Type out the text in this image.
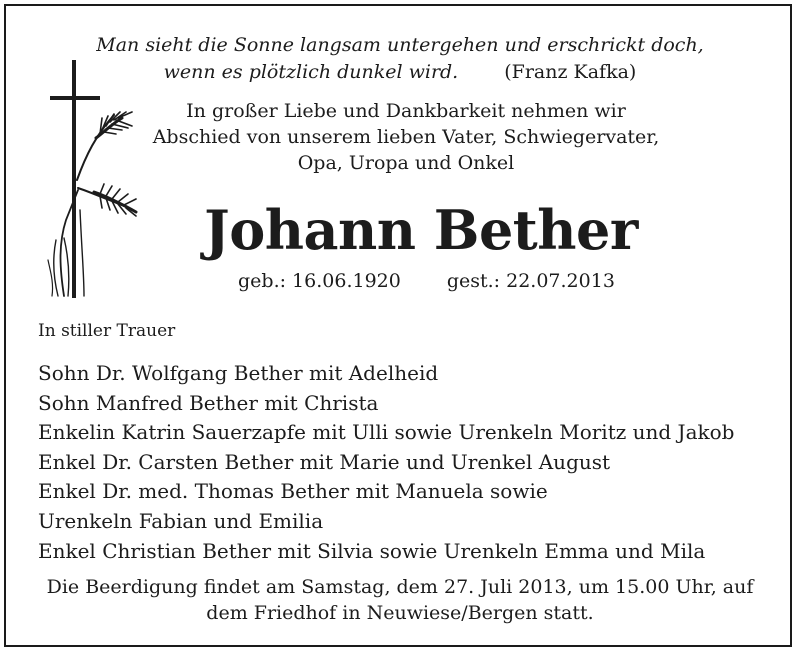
Man sieht die Sonne langsam untergehen und erschrickt doch,
wenn es plötzlich dunkel wird. (Franz Kafka)
In großer Liebe und Dankbarkeit nehmen wir
Abschied von unserem lieben Vater, Schwiegervater,
Opa, Uropa und Onkel
Johann Bether
geb.: 16.06.1920 gest.: 22.07.2013
In stiller Trauer
Sohn Dr. Wolfgang Bether mit Adelheid
Sohn Manfred Bether mit Christa
Enkelin Katrin Sauerzapfe mit Ulli sowie Urenkeln Moritz und Jakob
Enkel Dr. Carsten Bether mit Marie und Urenkel August
Enkel Dr. med. Thomas Bether mit Manuela sowie
Urenkeln Fabian und Emilia
Enkel Christian Bether mit Silvia sowie Urenkeln Emma und Mila
Die Beerdigung findet am Samstag, dem 27. Juli 2013, um 15.00 Uhr, auf
dem Friedhof in Neuwiese/Bergen statt.
